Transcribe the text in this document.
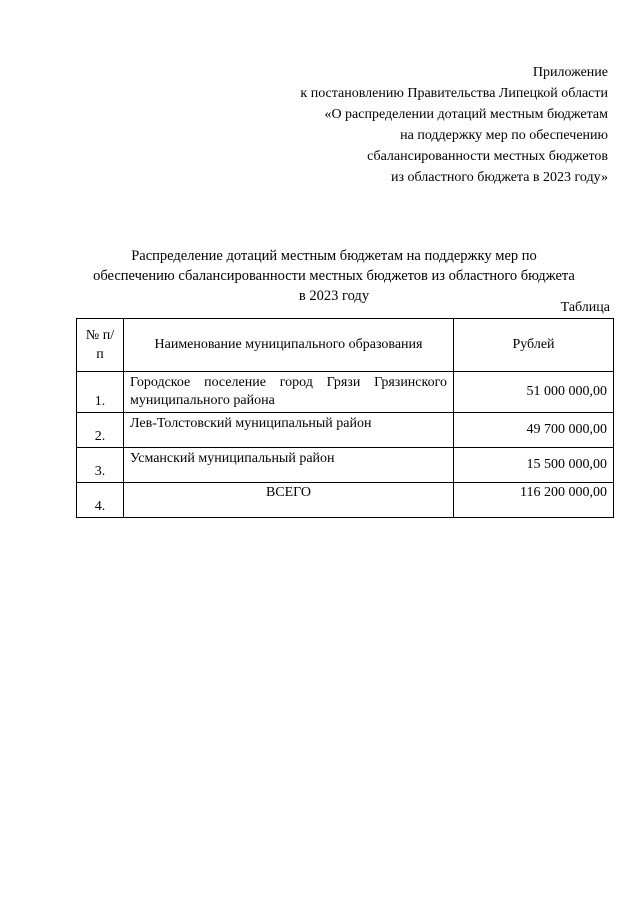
Приложение
к постановлению Правительства Липецкой области
«О распределении дотаций местным бюджетам
на поддержку мер по обеспечению
сбалансированности местных бюджетов
из областного бюджета в 2023 году»
Распределение дотаций местным бюджетам на поддержку мер по
обеспечению сбалансированности местных бюджетов из областного бюджета
в 2023 году
Таблица
№ п/п	Наименование муниципального образования	Рублей
1.	Городское поселение город Грязи Грязинского муниципального района	51 000 000,00
2.	Лев-Толстовский муниципальный район	49 700 000,00
3.	Усманский муниципальный район	15 500 000,00
4.	ВСЕГО	116 200 000,00
